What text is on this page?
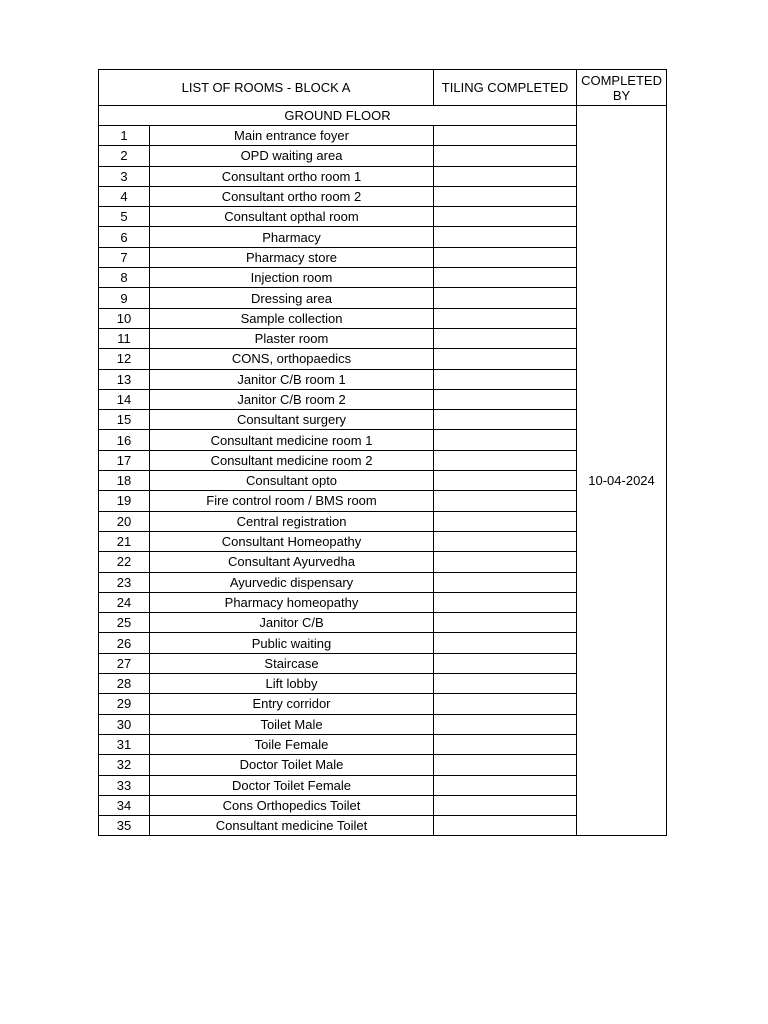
LIST OF ROOMS - BLOCK A		TILING COMPLETED	COMPLETED BY
GROUND FLOOR			
1	Main entrance foyer		10-04-2024
2	OPD waiting area		
3	Consultant ortho room 1		
4	Consultant ortho room 2		
5	Consultant opthal room		
6	Pharmacy		
7	Pharmacy store		
8	Injection room		
9	Dressing area		
10	Sample collection		
11	Plaster room		
12	CONS, orthopaedics		
13	Janitor C/B room 1		
14	Janitor C/B room 2		
15	Consultant surgery		
16	Consultant medicine room 1		
17	Consultant medicine room 2		
18	Consultant opto		
19	Fire control room / BMS room		
20	Central registration		
21	Consultant Homeopathy		
22	Consultant Ayurvedha		
23	Ayurvedic dispensary		
24	Pharmacy homeopathy		
25	Janitor C/B		
26	Public waiting		
27	Staircase		
28	Lift lobby		
29	Entry corridor		
30	Toilet Male		
31	Toile Female		
32	Doctor Toilet Male		
33	Doctor Toilet Female		
34	Cons Orthopedics Toilet		
35	Consultant medicine Toilet		
